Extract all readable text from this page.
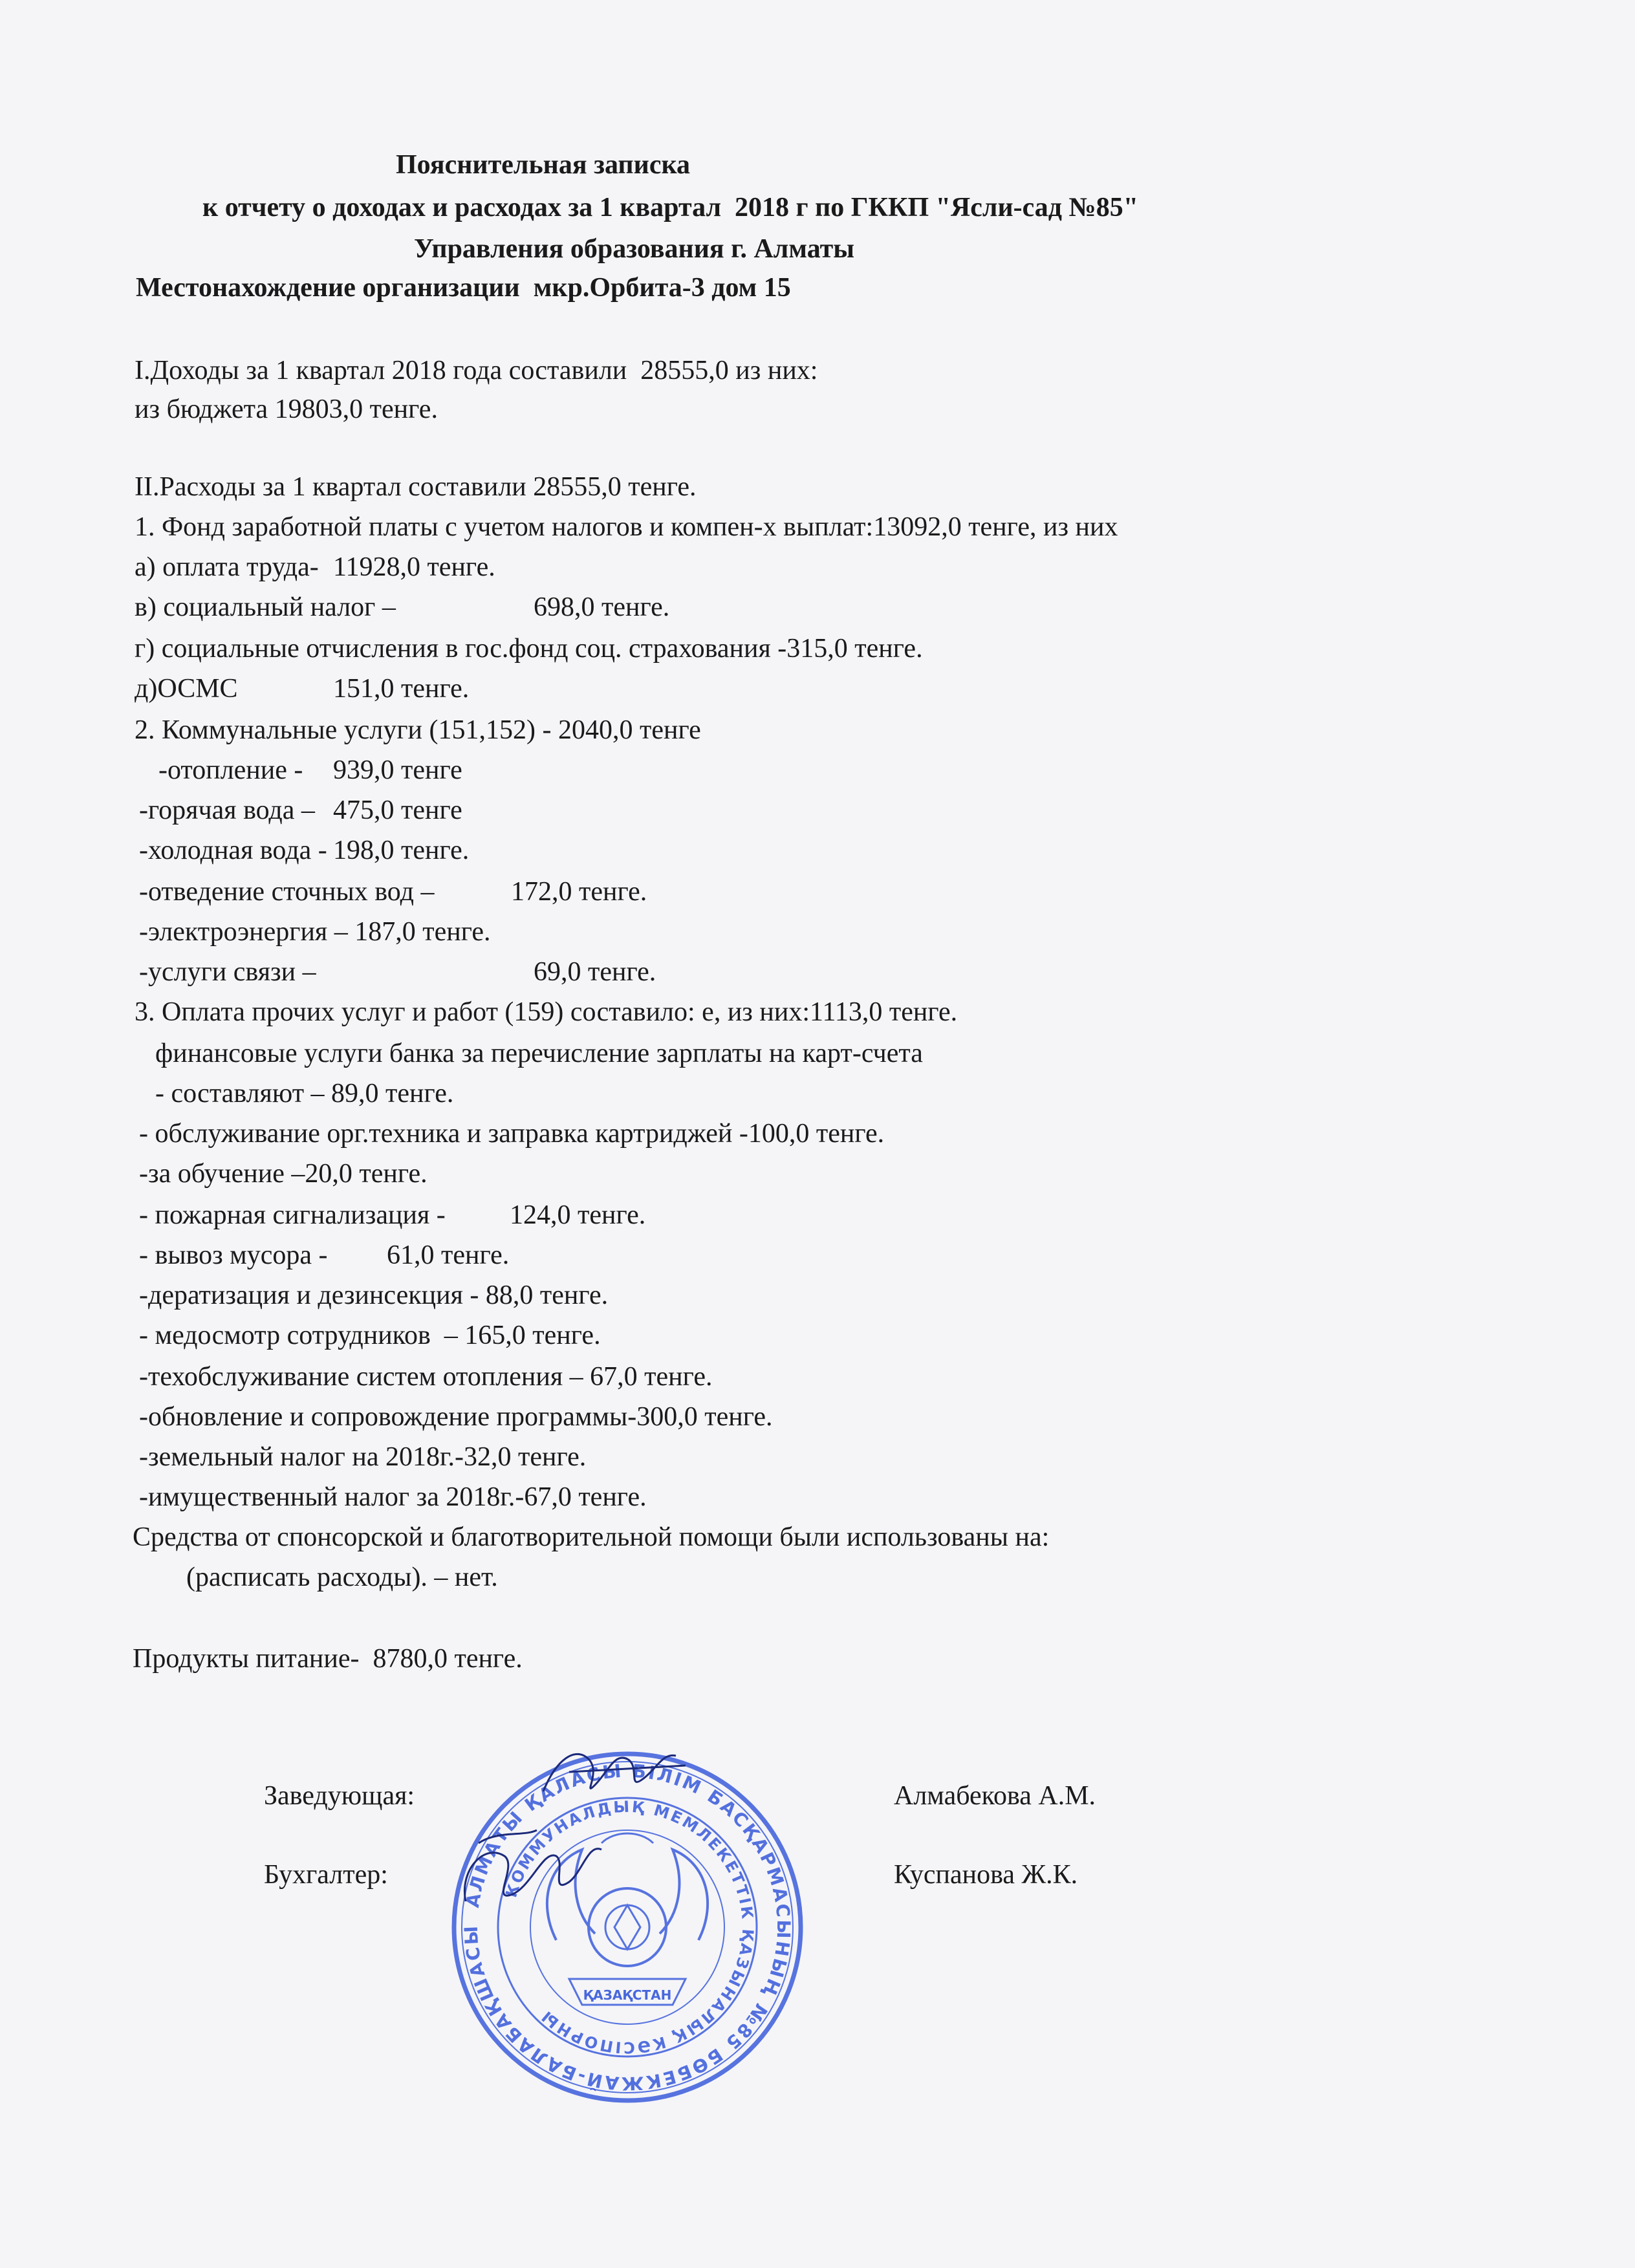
Пояснительная записка
к отчету о доходах и расходах за 1 квартал  2018 г по ГККП "Ясли-сад №85"
Управления образования г. Алматы
Местонахождение организации  мкр.Орбита-3 дом 15
I.Доходы за 1 квартал 2018 года составили  28555,0 из них:
из бюджета 19803,0 тенге.
II.Расходы за 1 квартал составили 28555,0 тенге.
1. Фонд заработной платы с учетом налогов и компен-х выплат:13092,0 тенге, из них
а) оплата труда- 11928,0 тенге.
в) социальный налог –	698,0 тенге.
г) социальные отчисления в гос.фонд соц. страхования -315,0 тенге.
д)ОСМС	151,0 тенге.
2. Коммунальные услуги (151,152) - 2040,0 тенге
-отопление - 939,0 тенге
-горячая вода – 475,0 тенге
-холодная вода - 198,0 тенге.
-отведение сточных вод –	172,0 тенге.
-электроэнергия – 187,0 тенге.
-услуги связи –	69,0 тенге.
3. Оплата прочих услуг и работ (159) составило: е, из них:1113,0 тенге.
финансовые услуги банка за перечисление зарплаты на карт-счета
- составляют – 89,0 тенге.
- обслуживание орг.техника и заправка картриджей -100,0 тенге.
-за обучение –20,0 тенге.
- пожарная сигнализация - 124,0 тенге.
- вывоз мусора - 61,0 тенге.
-дератизация и дезинсекция - 88,0 тенге.
- медосмотр сотрудников  – 165,0 тенге.
-техобслуживание систем отопления – 67,0 тенге.
-обновление и сопровождение программы-300,0 тенге.
-земельный налог на 2018г.-32,0 тенге.
-имущественный налог за 2018г.-67,0 тенге.
Средства от спонсорской и благотворительной помощи были использованы на:
(расписать расходы). – нет.
Продукты питание-  8780,0 тенге.
Заведующая:	Алмабекова А.М.
Бухгалтер:	Куспанова Ж.К.
АЛМАТЫ ҚАЛАСЫ БІЛІМ БАСҚАРМАСЫНЫҢ №85 БӨБЕКЖАЙ-БАЛАБАҚШАСЫ
КОММУНАЛДЫҚ МЕМЛЕКЕТТІК ҚАЗЫНАЛЫҚ КӘСІПОРНЫ
ҚАЗАҚСТАН
